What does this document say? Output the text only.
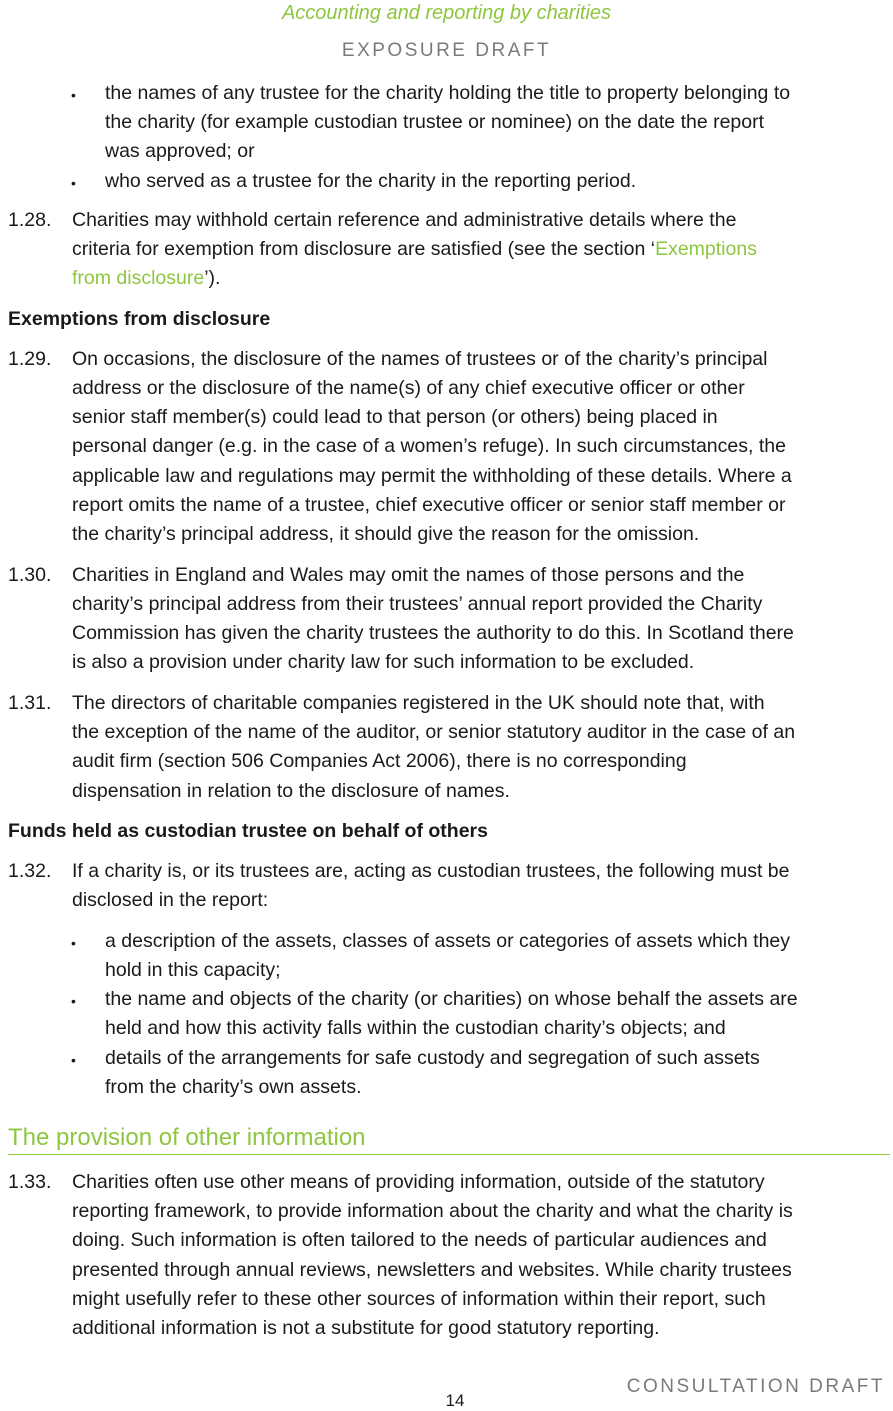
Accounting and reporting by charities
EXPOSURE DRAFT
• the names of any trustee for the charity holding the title to property belonging to
the charity (for example custodian trustee or nominee) on the date the report
was approved; or
• who served as a trustee for the charity in the reporting period.
1.28. Charities may withhold certain reference and administrative details where the
criteria for exemption from disclosure are satisfied (see the section ‘Exemptions
from disclosure’).
Exemptions from disclosure
1.29. On occasions, the disclosure of the names of trustees or of the charity’s principal
address or the disclosure of the name(s) of any chief executive officer or other
senior staff member(s) could lead to that person (or others) being placed in
personal danger (e.g. in the case of a women’s refuge). In such circumstances, the
applicable law and regulations may permit the withholding of these details. Where a
report omits the name of a trustee, chief executive officer or senior staff member or
the charity’s principal address, it should give the reason for the omission.
1.30. Charities in England and Wales may omit the names of those persons and the
charity’s principal address from their trustees’ annual report provided the Charity
Commission has given the charity trustees the authority to do this. In Scotland there
is also a provision under charity law for such information to be excluded.
1.31. The directors of charitable companies registered in the UK should note that, with
the exception of the name of the auditor, or senior statutory auditor in the case of an
audit firm (section 506 Companies Act 2006), there is no corresponding
dispensation in relation to the disclosure of names.
Funds held as custodian trustee on behalf of others
1.32. If a charity is, or its trustees are, acting as custodian trustees, the following must be
disclosed in the report:
• a description of the assets, classes of assets or categories of assets which they
hold in this capacity;
• the name and objects of the charity (or charities) on whose behalf the assets are
held and how this activity falls within the custodian charity’s objects; and
• details of the arrangements for safe custody and segregation of such assets
from the charity’s own assets.
The provision of other information
1.33. Charities often use other means of providing information, outside of the statutory
reporting framework, to provide information about the charity and what the charity is
doing. Such information is often tailored to the needs of particular audiences and
presented through annual reviews, newsletters and websites. While charity trustees
might usefully refer to these other sources of information within their report, such
additional information is not a substitute for good statutory reporting.
14
CONSULTATION DRAFT
